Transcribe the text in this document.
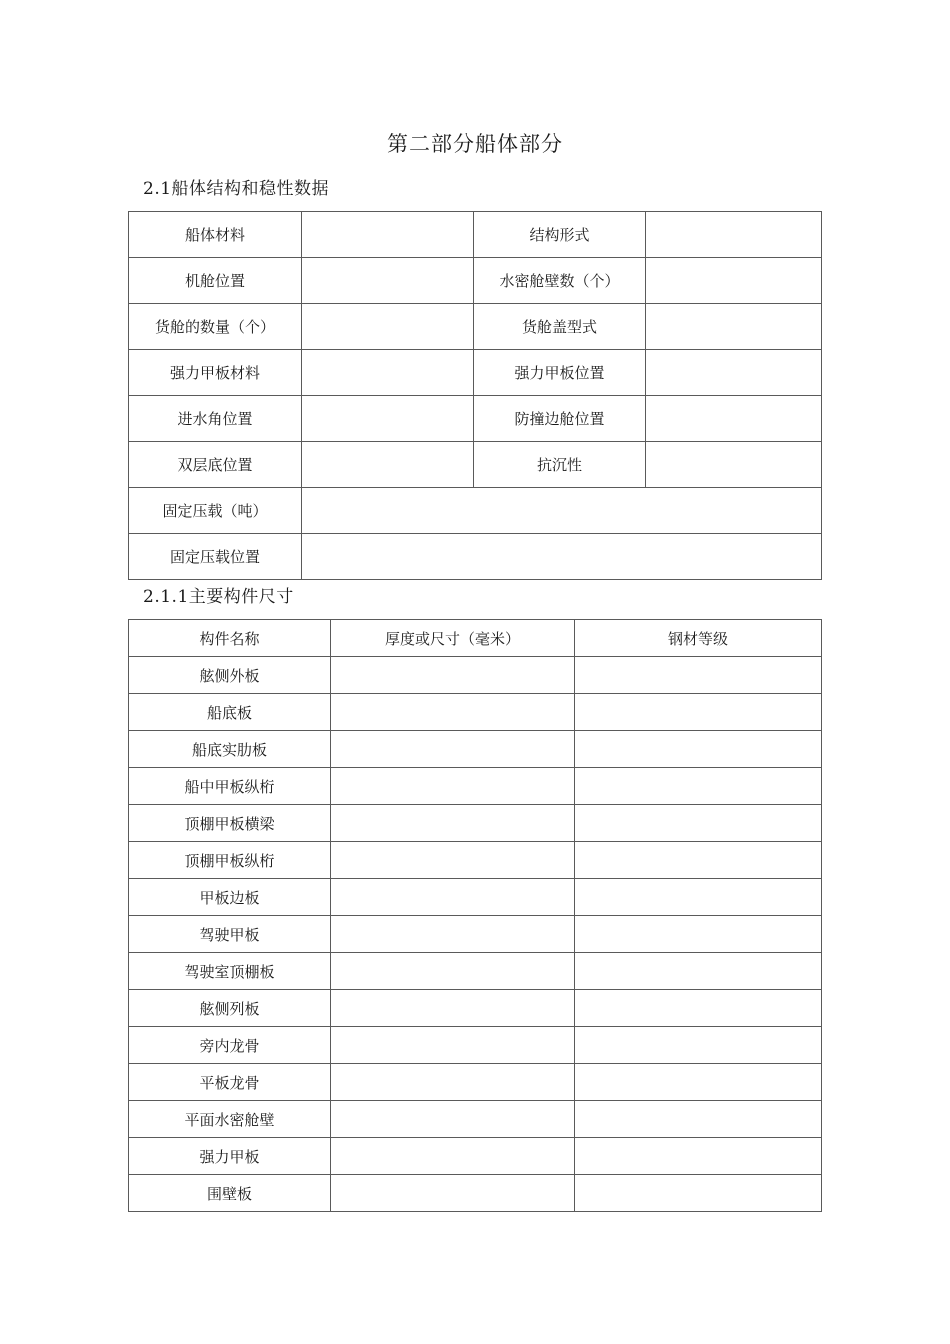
第二部分船体部分
2.1船体结构和稳性数据
船体材料		结构形式	
机舱位置		水密舱壁数（个）	
货舱的数量（个）		货舱盖型式	
强力甲板材料		强力甲板位置	
进水角位置		防撞边舱位置	
双层底位置		抗沉性	
固定压载（吨）			
固定压载位置			
2.1.1主要构件尺寸
构件名称	厚度或尺寸（毫米）	钢材等级
舷侧外板		
船底板		
船底实肋板		
船中甲板纵桁		
顶棚甲板横梁		
顶棚甲板纵桁		
甲板边板		
驾驶甲板		
驾驶室顶棚板		
舷侧列板		
旁内龙骨		
平板龙骨		
平面水密舱壁		
强力甲板		
围壁板		
